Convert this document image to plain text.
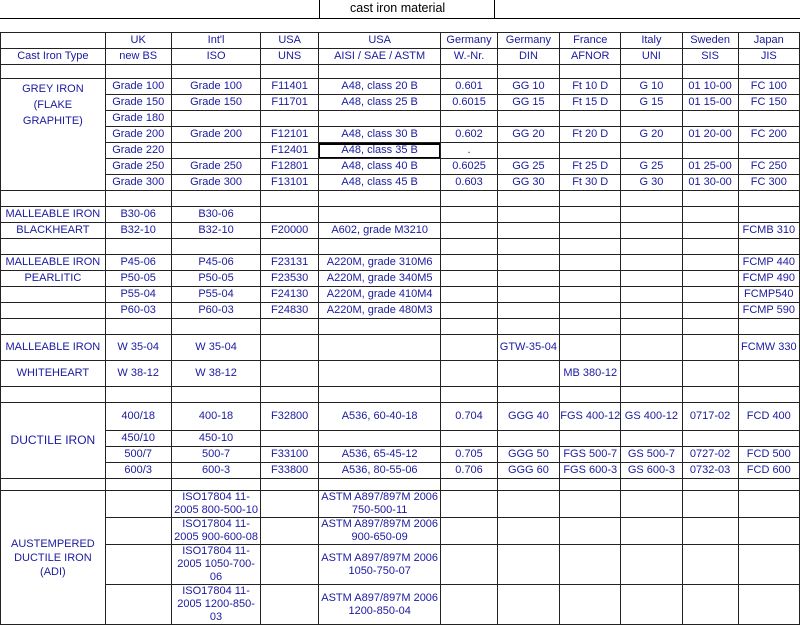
cast iron material
	UK	Int'l	USA	USA	Germany	Germany	France	Italy	Sweden	Japan
Cast Iron Type	new BS	ISO	UNS	AISI / SAE / ASTM	W.-Nr.	DIN	AFNOR	UNI	SIS	JIS

GREY IRON (FLAKE GRAPHITE)	Grade 100	Grade 100	F11401	A48, class 20 B	0.601	GG 10	Ft 10 D	G 10	01 10-00	FC 100
	Grade 150	Grade 150	F11701	A48, class 25 B	0.6015	GG 15	Ft 15 D	G 15	01 15-00	FC 150
	Grade 180									
	Grade 200	Grade 200	F12101	A48, class 30 B	0.602	GG 20	Ft 20 D	G 20	01 20-00	FC 200
	Grade 220		F12401	A48, class 35 B	.					
	Grade 250	Grade 250	F12801	A48, class 40 B	0.6025	GG 25	Ft 25 D	G 25	01 25-00	FC 250
	Grade 300	Grade 300	F13101	A48, class 45 B	0.603	GG 30	Ft 30 D	G 30	01 30-00	FC 300

MALLEABLE IRON	B30-06	B30-06								
BLACKHEART	B32-10	B32-10	F20000	A602, grade M3210						FCMB 310

MALLEABLE IRON	P45-06	P45-06	F23131	A220M, grade 310M6						FCMP 440
PEARLITIC	P50-05	P50-05	F23530	A220M, grade 340M5						FCMP 490
	P55-04	P55-04	F24130	A220M, grade 410M4						FCMP540
	P60-03	P60-03	F24830	A220M, grade 480M3						FCMP 590

MALLEABLE IRON	W 35-04	W 35-04				GTW-35-04				FCMW 330
WHITEHEART	W 38-12	W 38-12					MB 380-12			

DUCTILE IRON	400/18	400-18	F32800	A536, 60-40-18	0.704	GGG 40	FGS 400-12	GS 400-12	0717-02	FCD 400
	450/10	450-10								
	500/7	500-7	F33100	A536, 65-45-12	0.705	GGG 50	FGS 500-7	GS 500-7	0727-02	FCD 500
	600/3	600-3	F33800	A536, 80-55-06	0.706	GGG 60	FGS 600-3	GS 600-3	0732-03	FCD 600

AUSTEMPERED DUCTILE IRON (ADI)		ISO17804 11-2005 800-500-10		ASTM A897/897M 2006 750-500-11						
		ISO17804 11-2005 900-600-08		ASTM A897/897M 2006 900-650-09						
		ISO17804 11-2005 1050-700-06		ASTM A897/897M 2006 1050-750-07						
		ISO17804 11-2005 1200-850-03		ASTM A897/897M 2006 1200-850-04						
